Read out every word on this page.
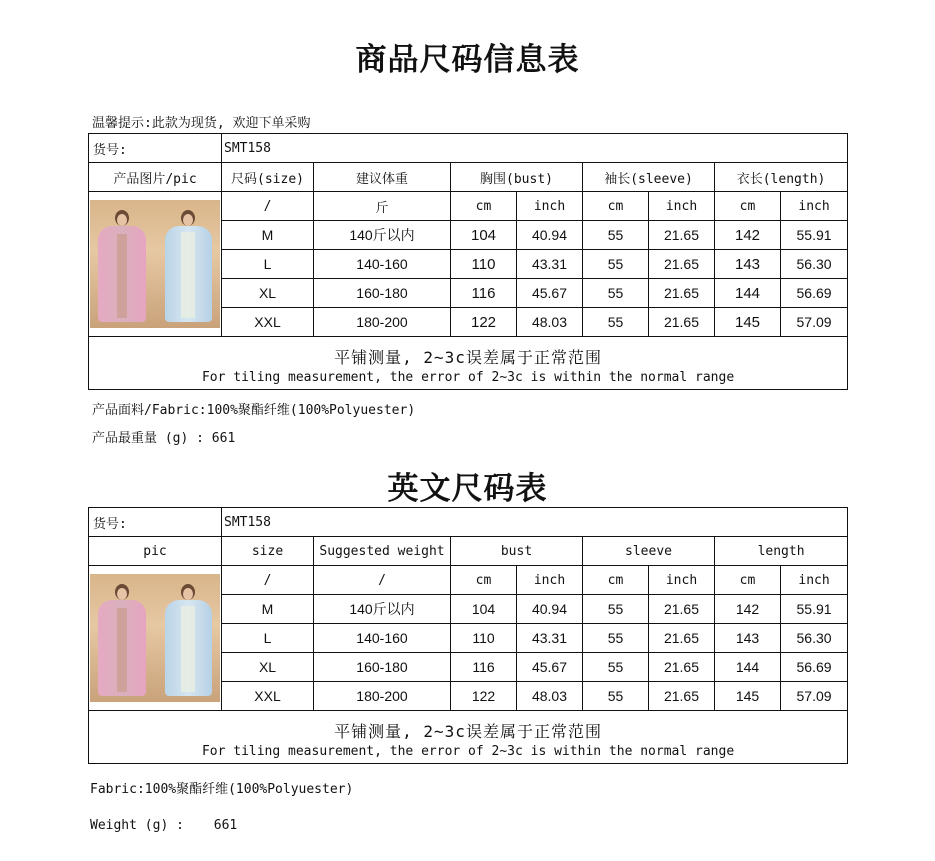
商品尺码信息表
温馨提示:此款为现货, 欢迎下单采购
货号:	SMT158							
产品图片/pic	尺码(size)	建议体重	胸围(bust)		袖长(sleeve)		衣长(length)	

	/	斤	cm	inch	cm	inch	cm	inch
	M	140斤以内	104	40.94	55	21.65	142	55.91
	L	140-160	110	43.31	55	21.65	143	56.30
	XL	160-180	116	45.67	55	21.65	144	56.69
	XXL	180-200	122	48.03	55	21.65	145	57.09

平铺测量, 2~3c误差属于正常范围
For tiling measurement, the error of 2~3c is within the normal range								
产品面料/Fabric:100%聚酯纤维(100%Polyuester)
产品最重量 (g) : 661
英文尺码表
货号:	SMT158							
pic	size	Suggested weight	bust		sleeve		length	

	/	/	cm	inch	cm	inch	cm	inch
	M	140斤以内	104	40.94	55	21.65	142	55.91
	L	140-160	110	43.31	55	21.65	143	56.30
	XL	160-180	116	45.67	55	21.65	144	56.69
	XXL	180-200	122	48.03	55	21.65	145	57.09

平铺测量, 2~3c误差属于正常范围
For tiling measurement, the error of 2~3c is within the normal range								
Fabric:100%聚酯纤维(100%Polyuester)
Weight (g) : 661
